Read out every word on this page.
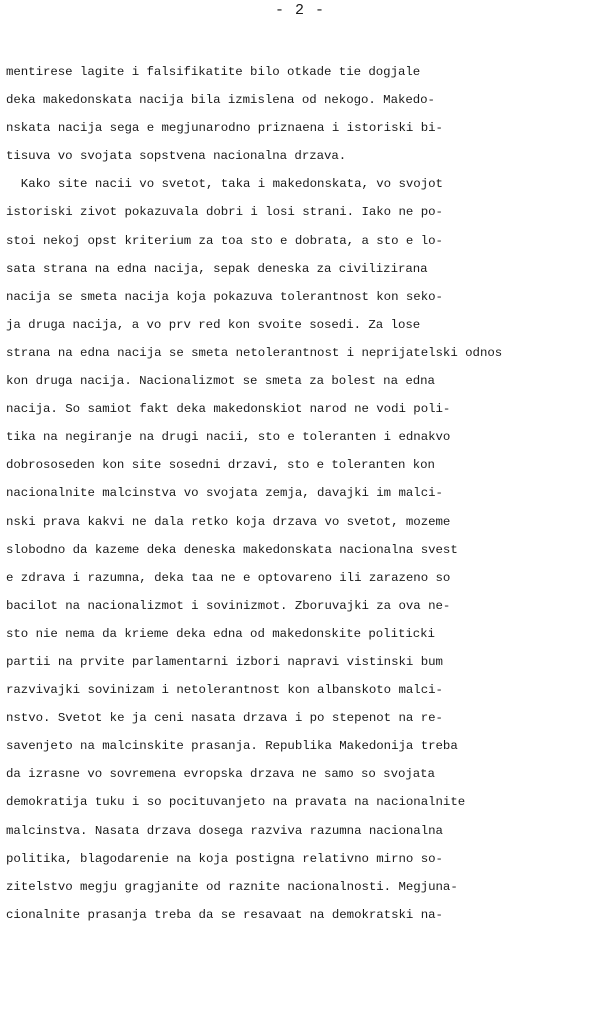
- 2 -
mentirese lagite i falsifikatite bilo otkade tie dogjale
deka makedonskata nacija bila izmislena od nekogo. Makedo-
nskata nacija sega e megjunarodno priznaena i istoriski bi-
tisuva vo svojata sopstvena nacionalna drzava.
Kako site nacii vo svetot, taka i makedonskata, vo svojot
istoriski zivot pokazuvala dobri i losi strani. Iako ne po-
stoi nekoj opst kriterium za toa sto e dobrata, a sto e lo-
sata strana na edna nacija, sepak deneska za civilizirana
nacija se smeta nacija koja pokazuva tolerantnost kon seko-
ja druga nacija, a vo prv red kon svoite sosedi. Za lose
strana na edna nacija se smeta netolerantnost i neprijatelski odnos
kon druga nacija. Nacionalizmot se smeta za bolest na edna
nacija. So samiot fakt deka makedonskiot narod ne vodi poli-
tika na negiranje na drugi nacii, sto e toleranten i ednakvo
dobrososeden kon site sosedni drzavi, sto e toleranten kon
nacionalnite malcinstva vo svojata zemja, davajki im malci-
nski prava kakvi ne dala retko koja drzava vo svetot, mozeme
slobodno da kazeme deka deneska makedonskata nacionalna svest
e zdrava i razumna, deka taa ne e optovareno ili zarazeno so
bacilot na nacionalizmot i sovinizmot. Zboruvajki za ova ne-
sto nie nema da krieme deka edna od makedonskite politicki
partii na prvite parlamentarni izbori napravi vistinski bum
razvivajki sovinizam i netolerantnost kon albanskoto malci-
nstvo. Svetot ke ja ceni nasata drzava i po stepenot na re-
savenjeto na malcinskite prasanja. Republika Makedonija treba
da izrasne vo sovremena evropska drzava ne samo so svojata
demokratija tuku i so pocituvanjeto na pravata na nacionalnite
malcinstva. Nasata drzava dosega razviva razumna nacionalna
politika, blagodarenie na koja postigna relativno mirno so-
zitelstvo megju gragjanite od raznite nacionalnosti. Megjuna-
cionalnite prasanja treba da se resavaat na demokratski na-
